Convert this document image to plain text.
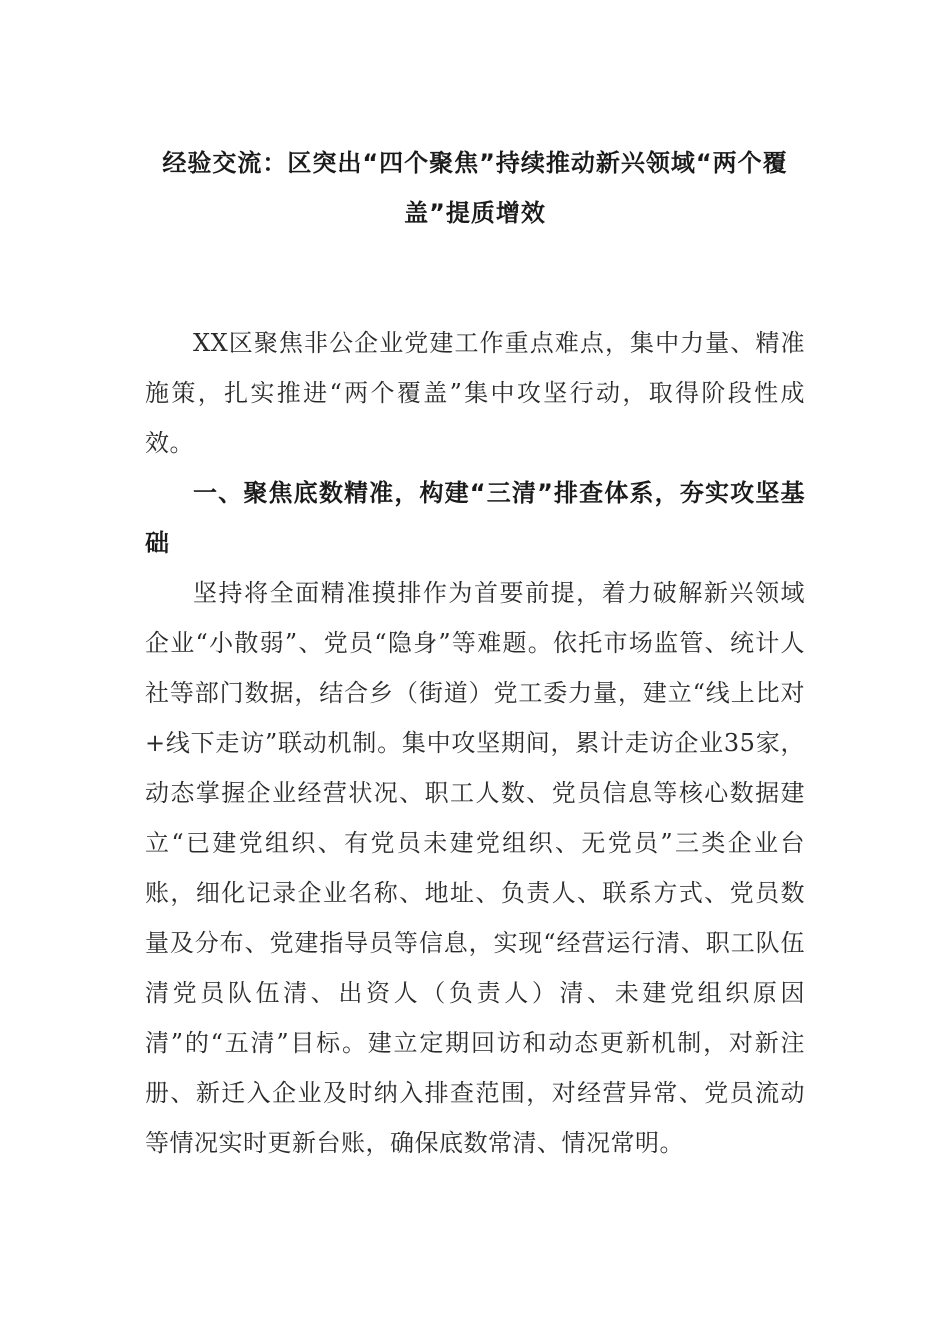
经验交流：区突出“四个聚焦”持续推动新兴领域“两个覆盖”提质增效

XX区聚焦非公企业党建工作重点难点，集中力量、精准施策，扎实推进“两个覆盖”集中攻坚行动，取得阶段性成效。

一、聚焦底数精准，构建“三清”排查体系，夯实攻坚基础

坚持将全面精准摸排作为首要前提，着力破解新兴领域企业“小散弱”、党员“隐身”等难题。依托市场监管、统计人社等部门数据，结合乡（街道）党工委力量，建立“线上比对+线下走访”联动机制。集中攻坚期间，累计走访企业35家，动态掌握企业经营状况、职工人数、党员信息等核心数据建立“已建党组织、有党员未建党组织、无党员”三类企业台账，细化记录企业名称、地址、负责人、联系方式、党员数量及分布、党建指导员等信息，实现“经营运行清、职工队伍清党员队伍清、出资人（负责人）清、未建党组织原因清”的“五清”目标。建立定期回访和动态更新机制，对新注册、新迁入企业及时纳入排查范围，对经营异常、党员流动等情况实时更新台账，确保底数常清、情况常明。
